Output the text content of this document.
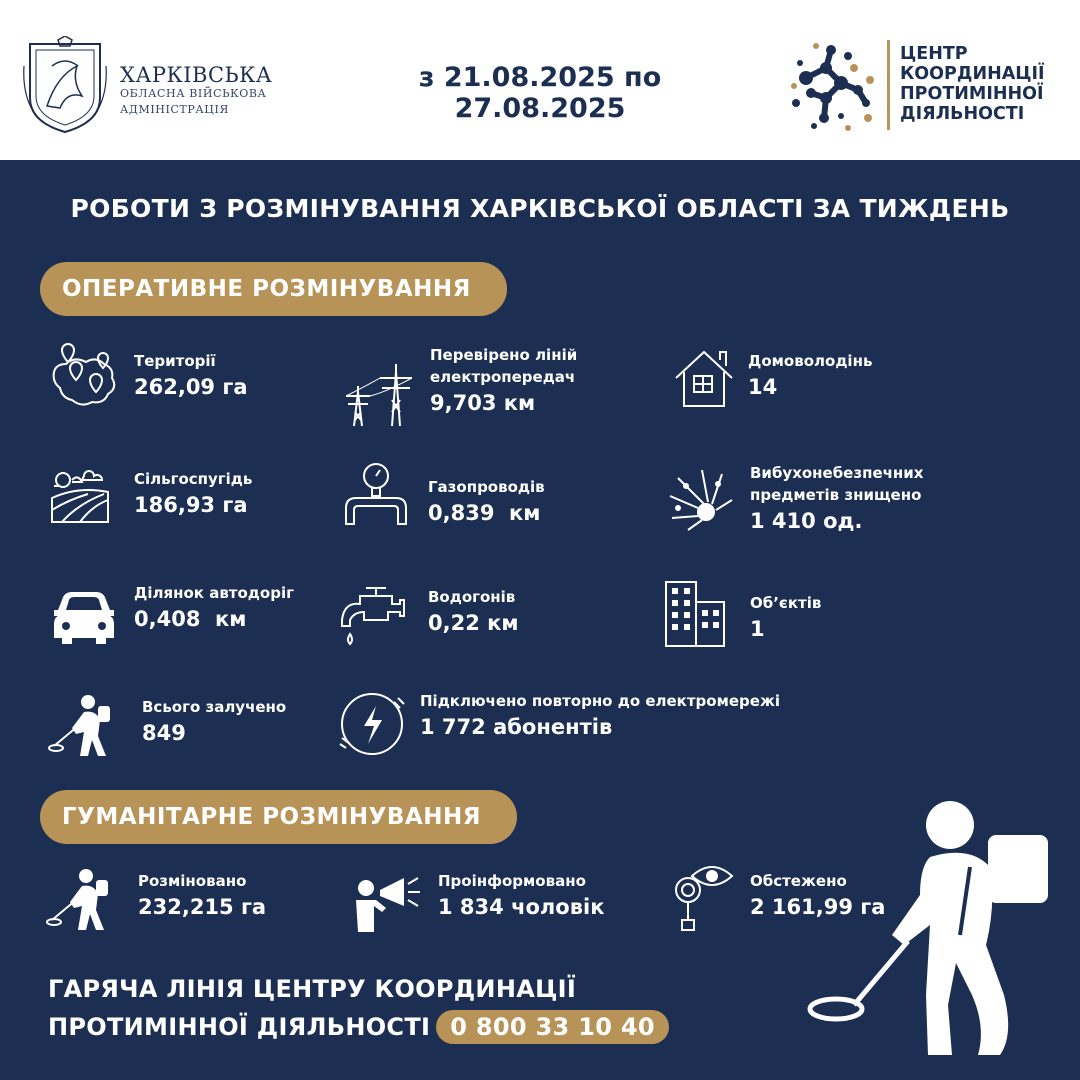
ХАРКІВСЬКА
ОБЛАСНА ВІЙСЬКОВА
АДМІНІСТРАЦІЯ
з 21.08.2025 по 27.08.2025
ЦЕНТР
КООРДИНАЦІЇ
ПРОТИМІННОЇ
ДІЯЛЬНОСТІ
РОБОТИ З РОЗМІНУВАННЯ ХАРКІВСЬКОЇ ОБЛАСТІ ЗА ТИЖДЕНЬ
ОПЕРАТИВНЕ РОЗМІНУВАННЯ
Території
262,09 га
Перевірено ліній
електропередач
9,703 км
Домоволодінь
14
Сільгоспугідь
186,93 га
Газопроводів
0,839  км
Вибухонебезпечних
предметів знищено
1 410 од.
Ділянок автодоріг
0,408  км
Водогонів
0,22 км
Об’єктів
1
Всього залучено
849
Підключено повторно до електромережі
1 772 абонентів
ГУМАНІТАРНЕ РОЗМІНУВАННЯ
Розміновано
232,215 га
Проінформовано
1 834 чоловік
Обстежено
2 161,99 га
ГАРЯЧА ЛІНІЯ ЦЕНТРУ КООРДИНАЦІЇ
ПРОТИМІННОЇ ДІЯЛЬНОСТІ 0 800 33 10 40
